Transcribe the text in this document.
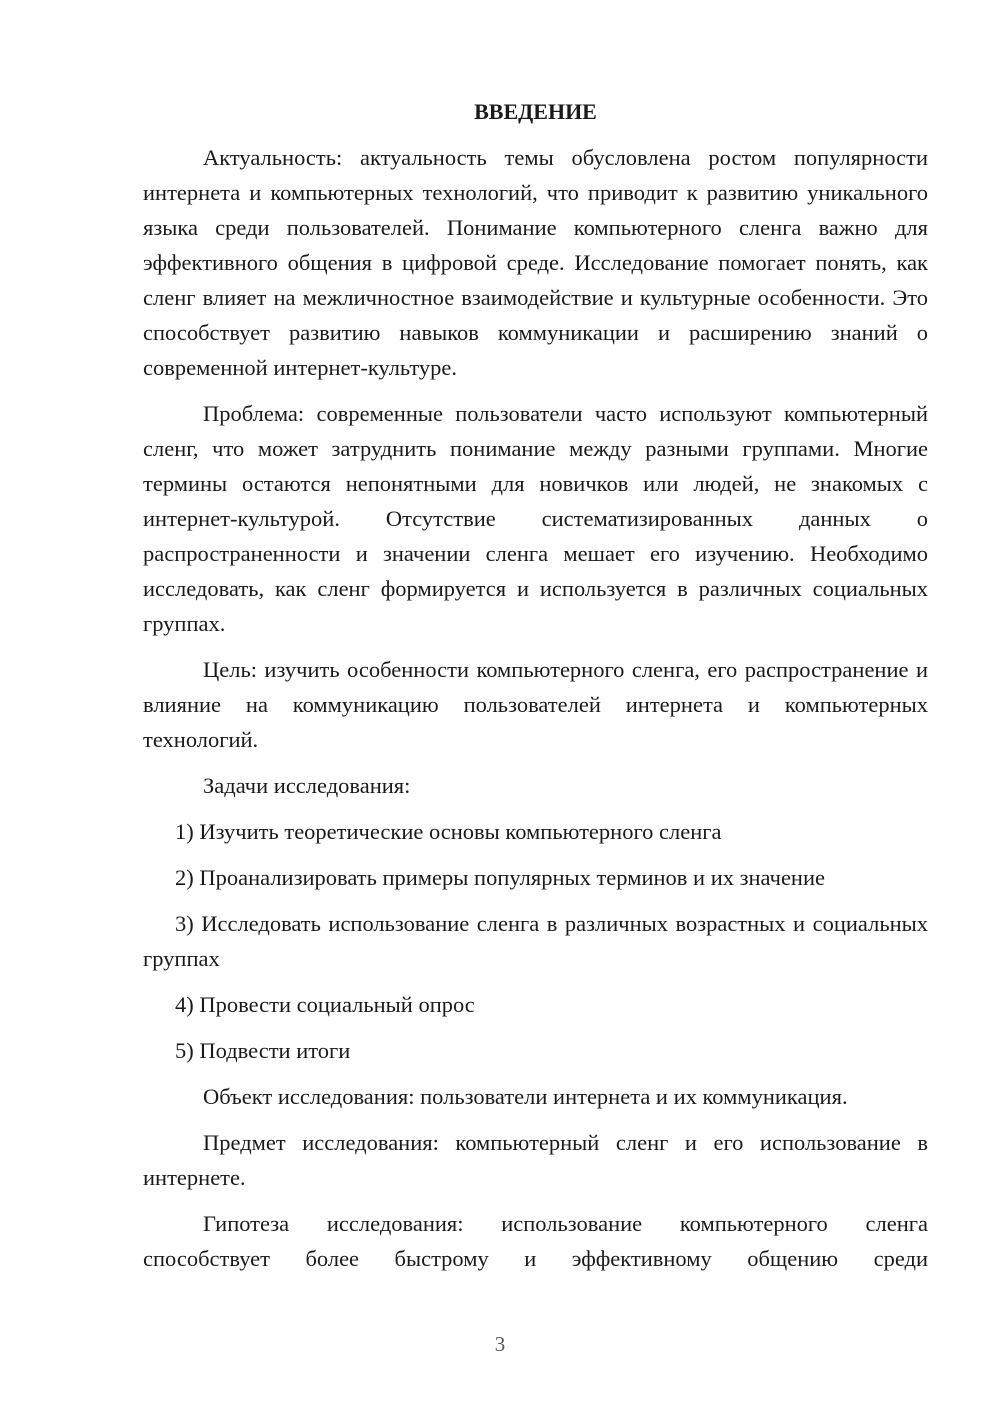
ВВЕДЕНИЕ

Актуальность: актуальность темы обусловлена ростом популярности интернета и компьютерных технологий, что приводит к развитию уникального языка среди пользователей. Понимание компьютерного сленга важно для эффективного общения в цифровой среде. Исследование помогает понять, как сленг влияет на межличностное взаимодействие и культурные особенности. Это способствует развитию навыков коммуникации и расширению знаний о современной интернет-культуре.

Проблема: современные пользователи часто используют компьютерный сленг, что может затруднить понимание между разными группами. Многие термины остаются непонятными для новичков или людей, не знакомых с интернет-культурой. Отсутствие систематизированных данных о распространенности и значении сленга мешает его изучению. Необходимо исследовать, как сленг формируется и используется в различных социальных группах.

Цель: изучить особенности компьютерного сленга, его распространение и влияние на коммуникацию пользователей интернета и компьютерных технологий.

Задачи исследования:

1) Изучить теоретические основы компьютерного сленга

2) Проанализировать примеры популярных терминов и их значение

3) Исследовать использование сленга в различных возрастных и социальных группах

4) Провести социальный опрос

5) Подвести итоги

Объект исследования: пользователи интернета и их коммуникация.

Предмет исследования: компьютерный сленг и его использование в интернете.

Гипотеза исследования: использование компьютерного сленга способствует более быстрому и эффективному общению среди

3
